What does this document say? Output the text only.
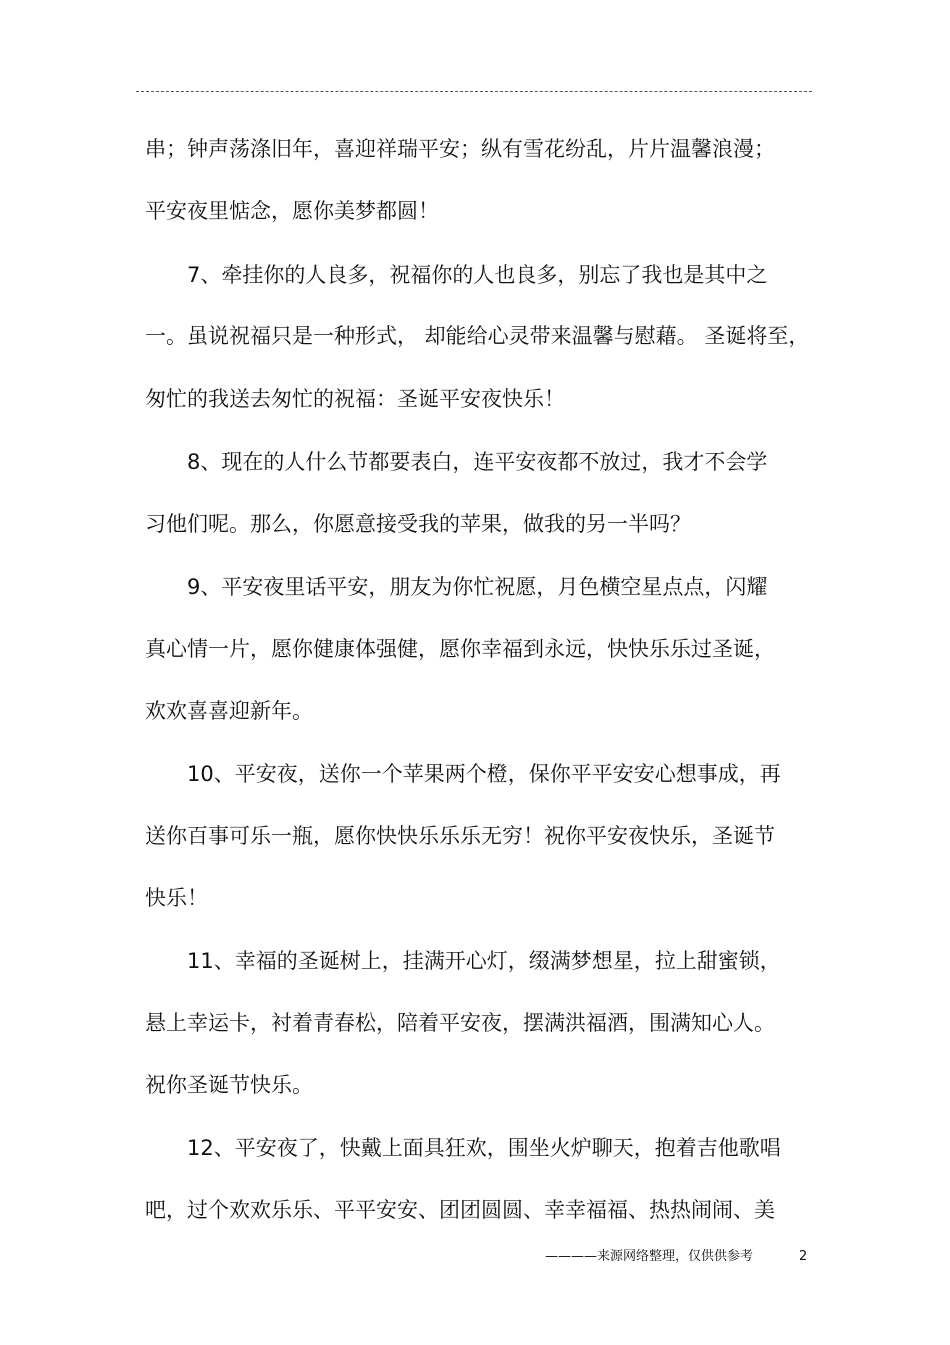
串；钟声荡涤旧年，喜迎祥瑞平安；纵有雪花纷乱，片片温馨浪漫；
平安夜里惦念，愿你美梦都圆！
7、牵挂你的人良多，祝福你的人也良多，别忘了我也是其中之
一。虽说祝福只是一种形式， 却能给心灵带来温馨与慰藉。 圣诞将至，
匆忙的我送去匆忙的祝福：圣诞平安夜快乐！
8、现在的人什么节都要表白，连平安夜都不放过，我才不会学
习他们呢。那么，你愿意接受我的苹果，做我的另一半吗？
9、平安夜里话平安，朋友为你忙祝愿，月色横空星点点，闪耀
真心情一片，愿你健康体强健，愿你幸福到永远，快快乐乐过圣诞，
欢欢喜喜迎新年。
10、平安夜，送你一个苹果两个橙，保你平平安安心想事成，再
送你百事可乐一瓶，愿你快快乐乐乐无穷！祝你平安夜快乐，圣诞节
快乐！
11、幸福的圣诞树上，挂满开心灯，缀满梦想星，拉上甜蜜锁，
悬上幸运卡，衬着青春松，陪着平安夜，摆满洪福酒，围满知心人。
祝你圣诞节快乐。
12、平安夜了，快戴上面具狂欢，围坐火炉聊天，抱着吉他歌唱
吧，过个欢欢乐乐、平平安安、团团圆圆、幸幸福福、热热闹闹、美
————来源网络整理，仅供供参考	2
